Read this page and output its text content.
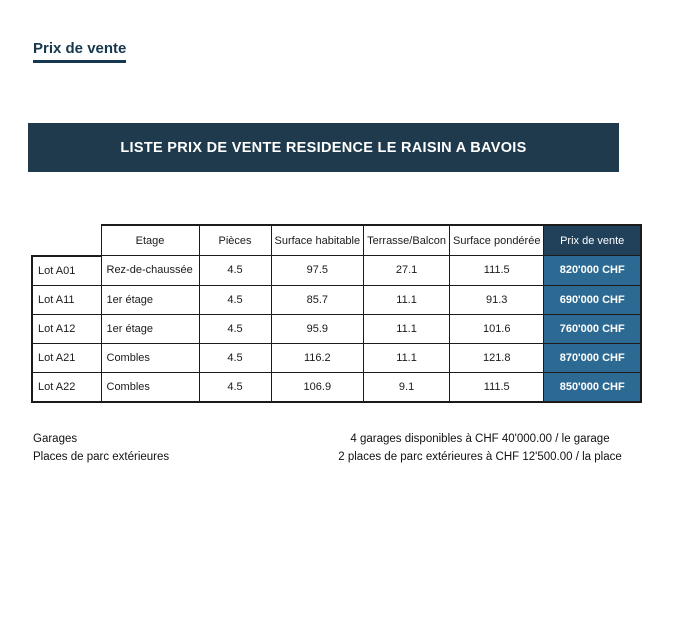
Prix de vente
LISTE PRIX DE VENTE RESIDENCE LE RAISIN A BAVOIS
	Etage	Pièces	Surface habitable	Terrasse/Balcon	Surface pondérée	Prix de vente
Lot A01	Rez-de-chaussée	4.5	97.5	27.1	111.5	820'000 CHF
Lot A11	1er étage	4.5	85.7	11.1	91.3	690'000 CHF
Lot A12	1er étage	4.5	95.9	11.1	101.6	760'000 CHF
Lot A21	Combles	4.5	116.2	11.1	121.8	870'000 CHF
Lot A22	Combles	4.5	106.9	9.1	111.5	850'000 CHF
Garages
Places de parc extérieures
4 garages disponibles à CHF 40'000.00 / le garage
2 places de parc extérieures à CHF 12'500.00 / la place
